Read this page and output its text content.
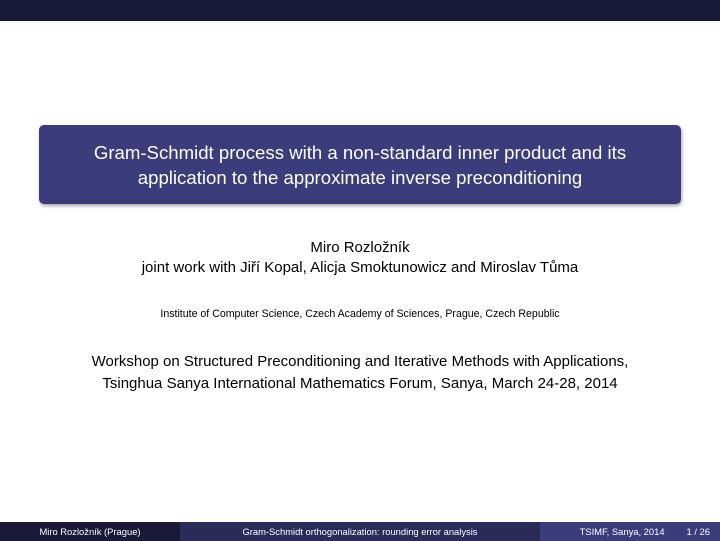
Gram-Schmidt process with a non-standard inner product and its
application to the approximate inverse preconditioning
Miro Rozložník
joint work with Jiří Kopal, Alicja Smoktunowicz and Miroslav Tůma
Institute of Computer Science, Czech Academy of Sciences, Prague, Czech Republic
Workshop on Structured Preconditioning and Iterative Methods with Applications,
Tsinghua Sanya International Mathematics Forum, Sanya, March 24-28, 2014
Miro Rozložník (Prague)	Gram-Schmidt orthogonalization: rounding error analysis	TSIMF, Sanya, 2014 1 / 26
